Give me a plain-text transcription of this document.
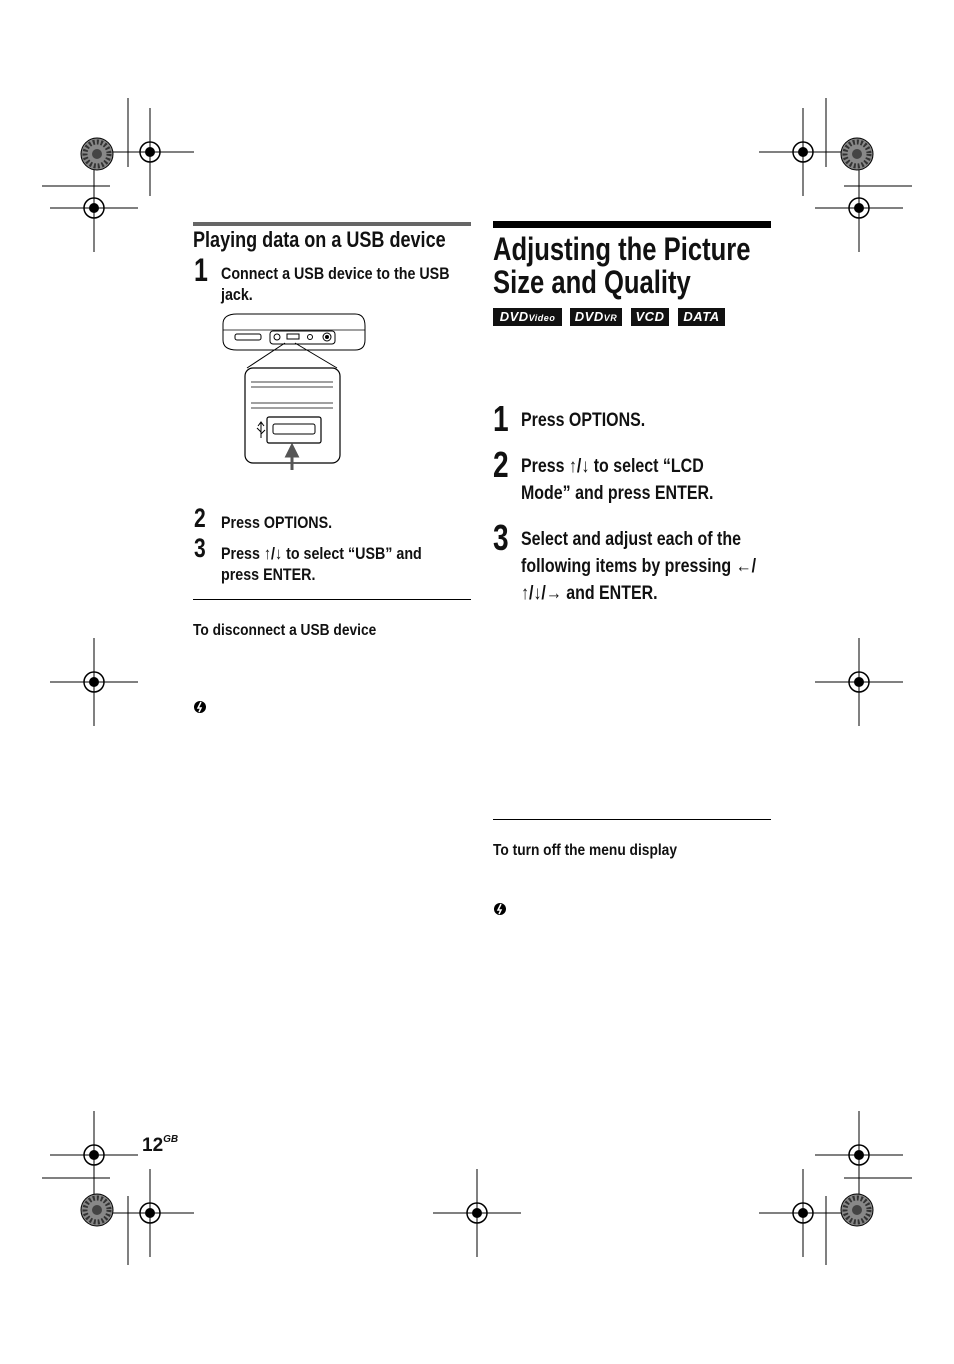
Playing data on a USB device
1 Connect a USB device to the USB
jack.
2 Press OPTIONS.
3 Press ↑/↓ to select “USB” and
press ENTER.
To disconnect a USB device
Adjusting the Picture
Size and Quality
DVDVideo	DVDVR	VCD	DATA
1 Press OPTIONS.
2 Press ↑/↓ to select “LCD
Mode” and press ENTER.
3 Select and adjust each of the
following items by pressing ←/
↑/↓/→ and ENTER.
To turn off the menu display
$12^{GB}$
